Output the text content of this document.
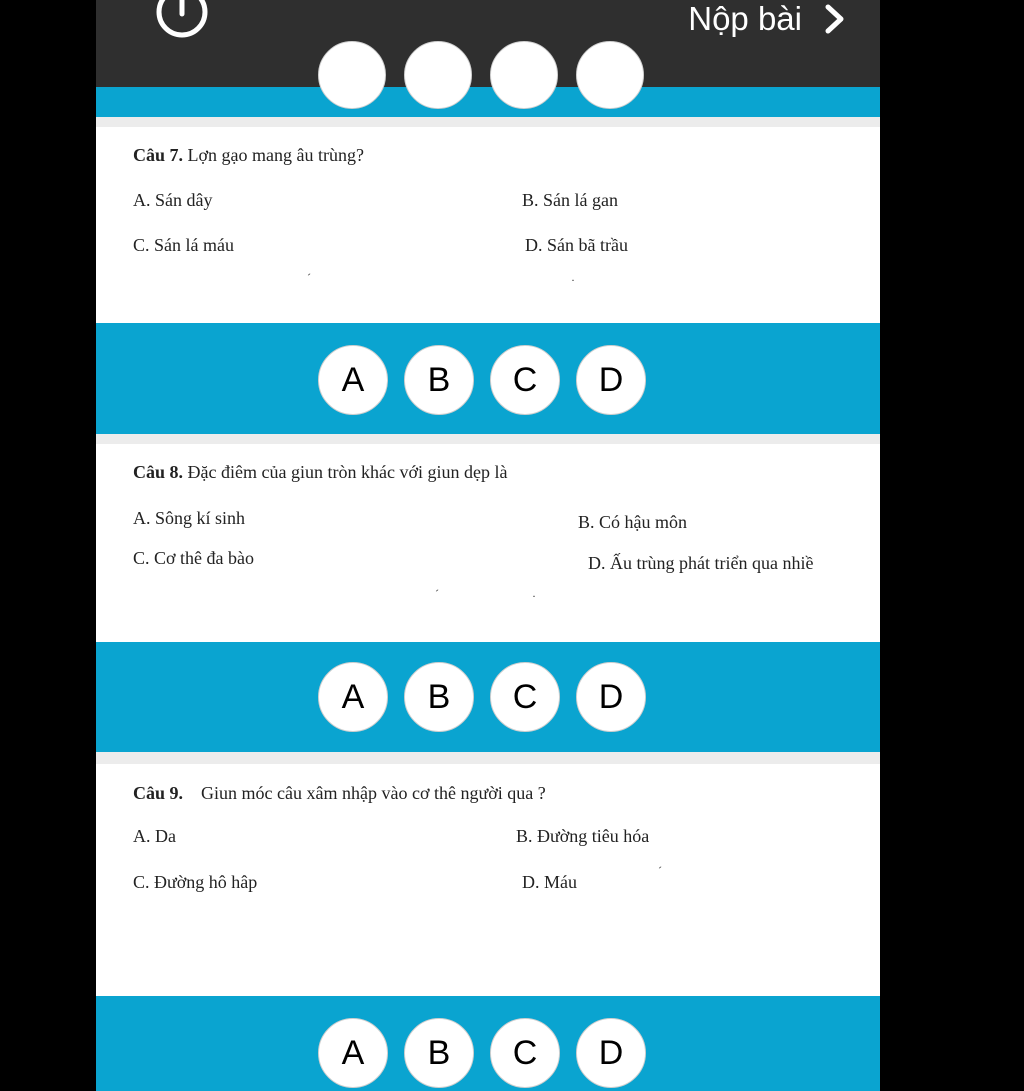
Nộp bài
Câu 7. Lợn gạo mang âu trùng?
A. Sán dây	B. Sán lá gan
C. Sán lá máu	D. Sán bã trầu
´	·
A	B	C	D
Câu 8. Đặc điêm của giun tròn khác với giun dẹp là
A. Sông kí sinh	B. Có hậu môn
C. Cơ thê đa bào	D. Ấu trùng phát triển qua nhiề
´	·
A	B	C	D
Câu 9. Giun móc câu xâm nhập vào cơ thê người qua ?
A. Da	B. Đường tiêu hóa
C. Đường hô hâp	D. Máu
´
A	B	C	D
